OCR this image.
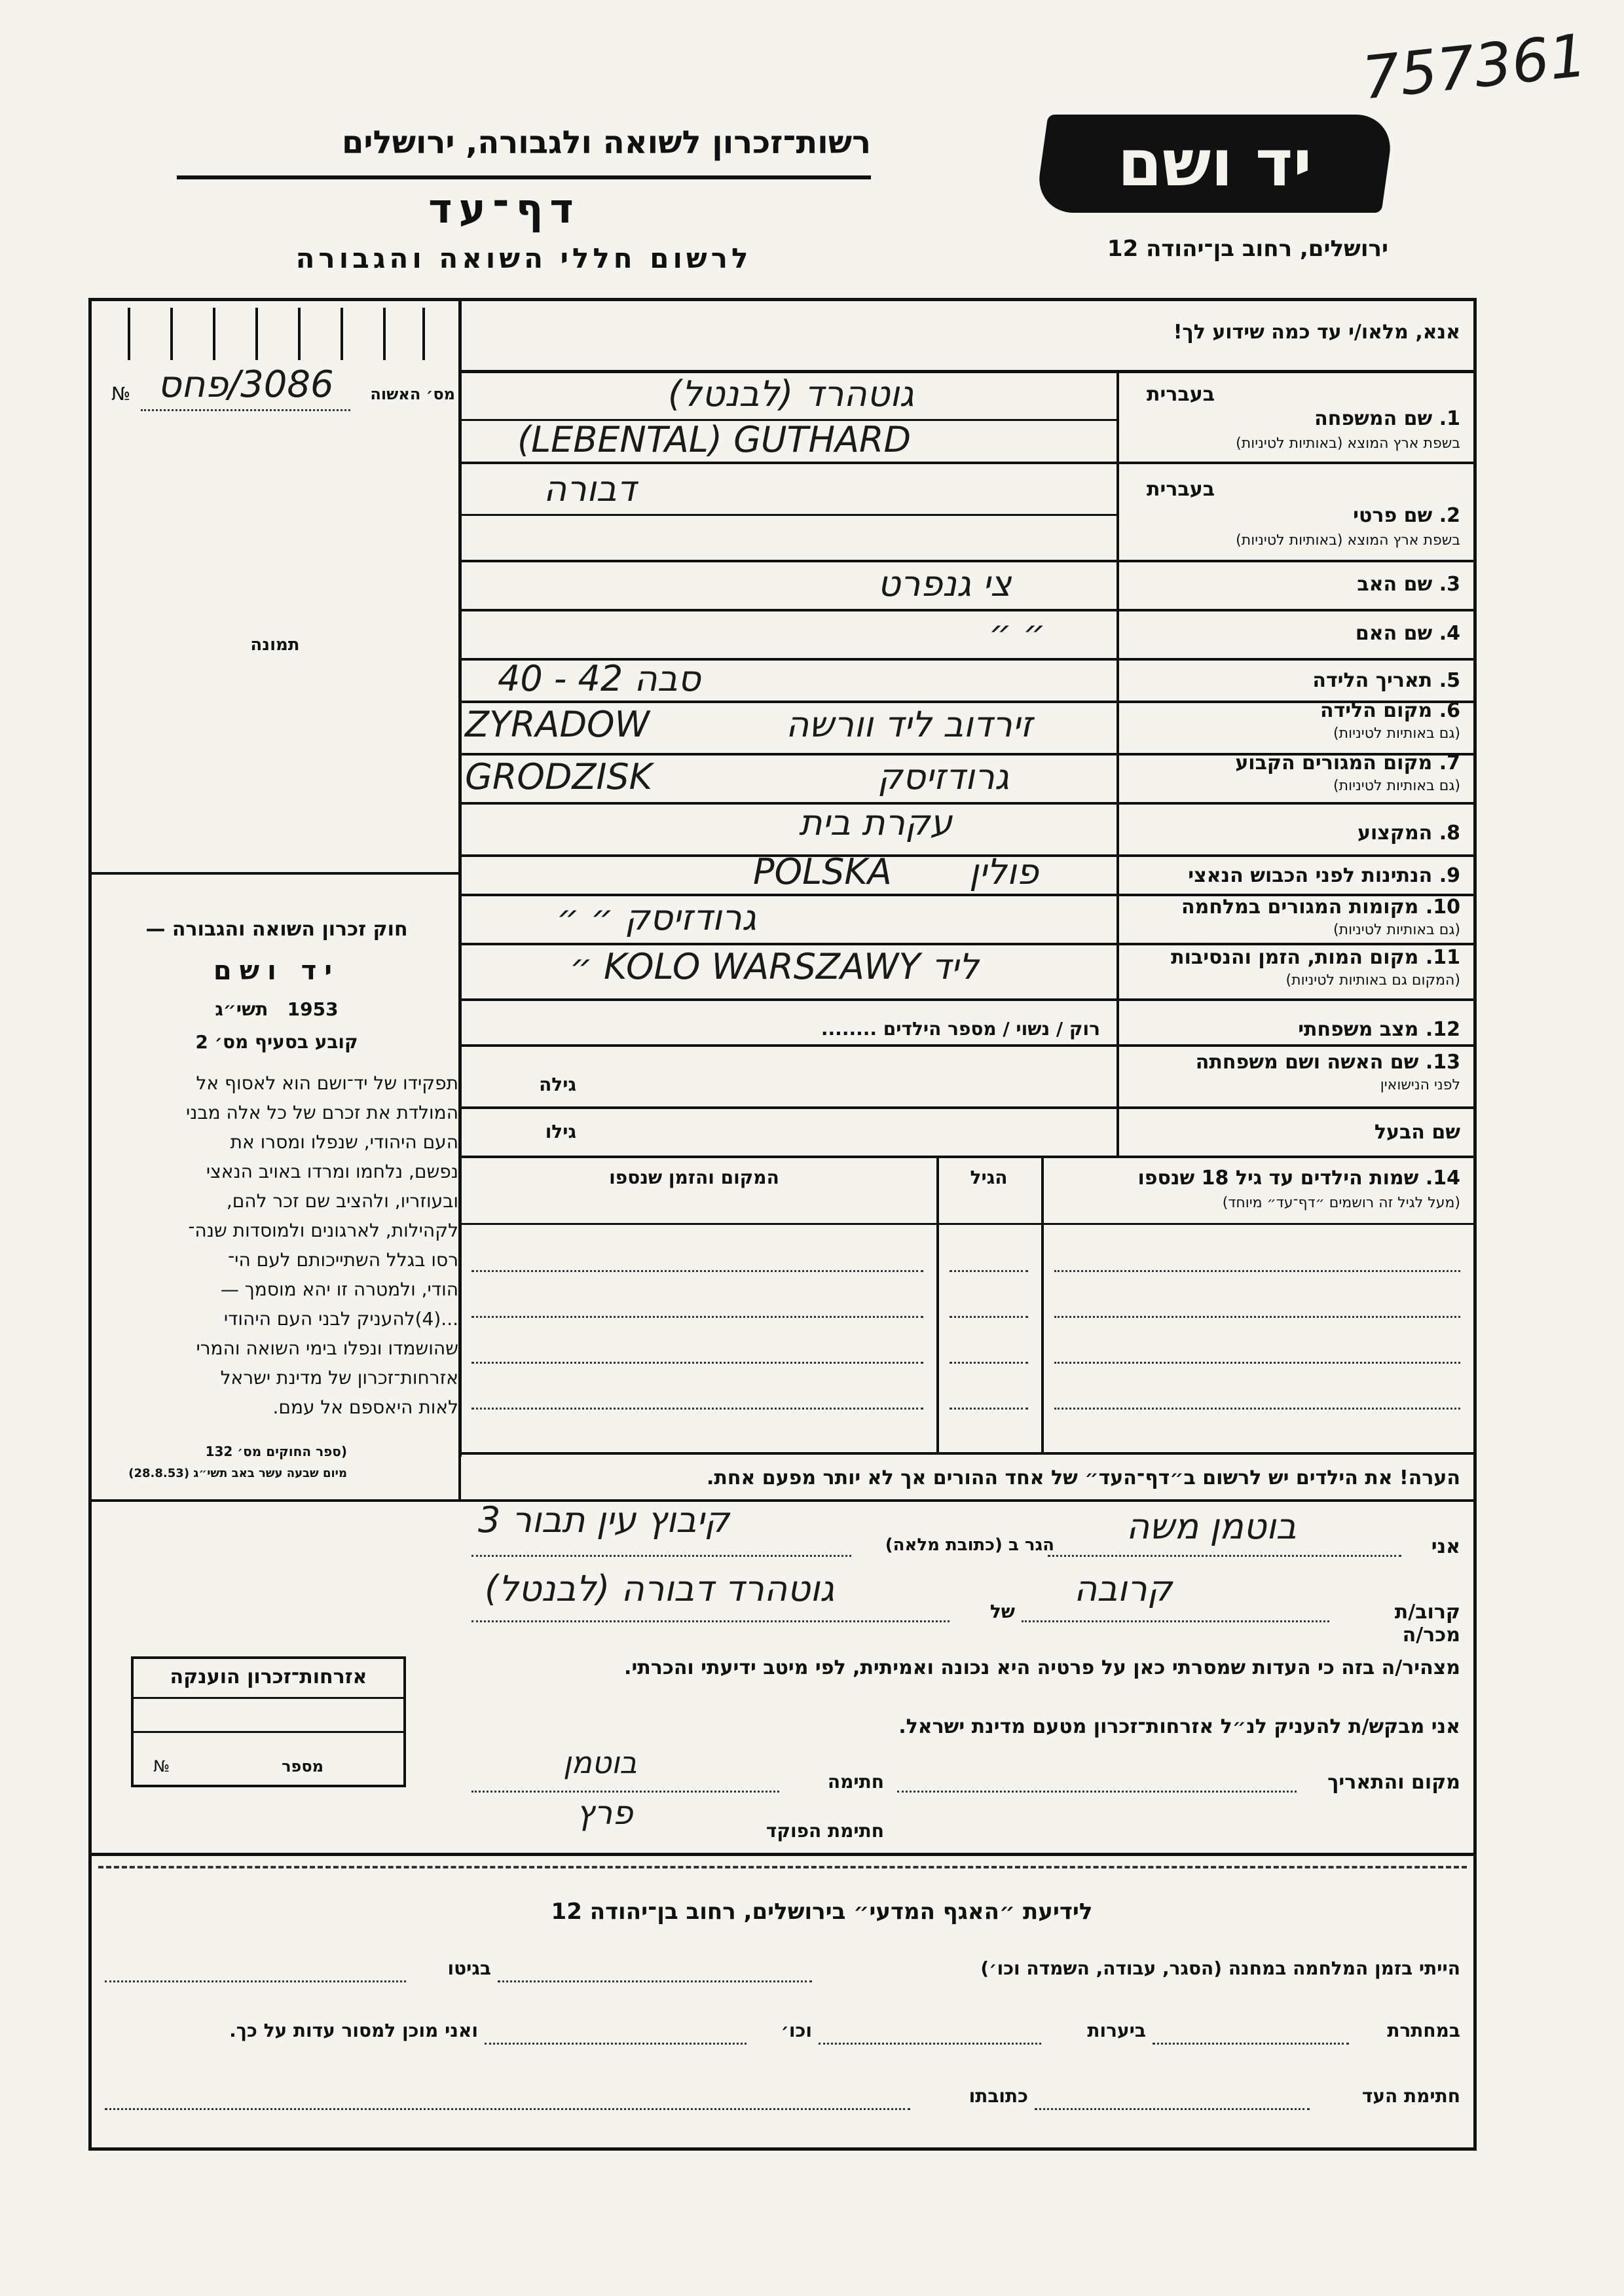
757361
רשות־זכרון לשואה ולגבורה, ירושלים
דף־עד
לרשום חללי השואה והגבורה
יד ושם
ירושלים, רחוב בן־יהודה 12
№ 3086/פחס	מס׳ האשוה
תמונה
חוק זכרון השואה והגבורה —
יד ושם
1953   תשי״ג
קובע בסעיף מס׳ 2
תפקידו של יד־ושם הוא לאסוף אל
המולדת את זכרם של כל אלה מבני
העם היהודי, שנפלו ומסרו את
נפשם, נלחמו ומרדו באויב הנאצי
ובעוזריו, ולהציב שם זכר להם,
לקהילות, לארגונים ולמוסדות שנה־
רסו בגלל השתייכותם לעם הי־
הודי, ולמטרה זו יהא מוסמך —
...(4)להעניק לבני העם היהודי
שהושמדו ונפלו בימי השואה והמרי
אזרחות־זכרון של מדינת ישראל
לאות היאספם אל עמם.
(ספר החוקים מס׳ 132
מיום שבעה עשר באב תשי״ג (28.8.53)
אזרחות־זכרון הוענקה
מספר
№
אנא, מלאו/י עד כמה שידוע לך!
בעברית
1. שם המשפחה
בשפת ארץ המוצא (באותיות לטיניות)
גוטהרד (לבנטל)
(LEBENTAL) GUTHARD
בעברית
2. שם פרטי
בשפת ארץ המוצא (באותיות לטיניות)
דבורה
3. שם האב
צי גנפרט
4. שם האם
״ ״
5. תאריך הלידה
40 - 42 סבה
6. מקום הלידה
(גם באותיות לטיניות)
ZYRADOW	זירדוב ליד וורשה
7. מקום המגורים הקבוע
(גם באותיות לטיניות)
GRODZISK	גרודזיסק
8. המקצוע
עקרת בית
9. הנתינות לפני הכבוש הנאצי
POLSKA פולין
10. מקומות המגורים במלחמה
(גם באותיות לטיניות)
גרודזיסק ״ ״
11. מקום המות, הזמן והנסיבות
(המקום גם באותיות לטיניות)
ליד KOLO WARSZAWY ״
12. מצב משפחתי
רוק / נשוי / מספר הילדים ........
13. שם האשה ושם משפחתה
לפני הנישואין
גילה
שם הבעל
גילו
14. שמות הילדים עד גיל 18 שנספו
(מעל לגיל זה רושמים ״דף־עד״ מיוחד)
הגיל
המקום והזמן שנספו
הערה! את הילדים יש לרשום ב״דף־העד״ של אחד ההורים אך לא יותר מפעם אחת.
אני
בוטמן משה
הגר ב (כתובת מלאה)
קיבוץ עין תבור 3
קרוב/ת מכר/ה
קרובה
של
גוטהרד דבורה (לבנטל)
מצהיר/ה בזה כי העדות שמסרתי כאן על פרטיה היא נכונה ואמיתית, לפי מיטב ידיעתי והכרתי.
אני מבקש/ת להעניק לנ״ל אזרחות־זכרון מטעם מדינת ישראל.
מקום והתאריך
חתימה
בוטמן
חתימת הפוקד
פרץ
לידיעת ״האגף המדעי״ בירושלים, רחוב בן־יהודה 12
הייתי בזמן המלחמה במחנה (הסגר, עבודה, השמדה וכו׳)
בגיטו
במחתרת
ביערות
וכו׳
ואני מוכן למסור עדות על כך.
חתימת העד
כתובתו
